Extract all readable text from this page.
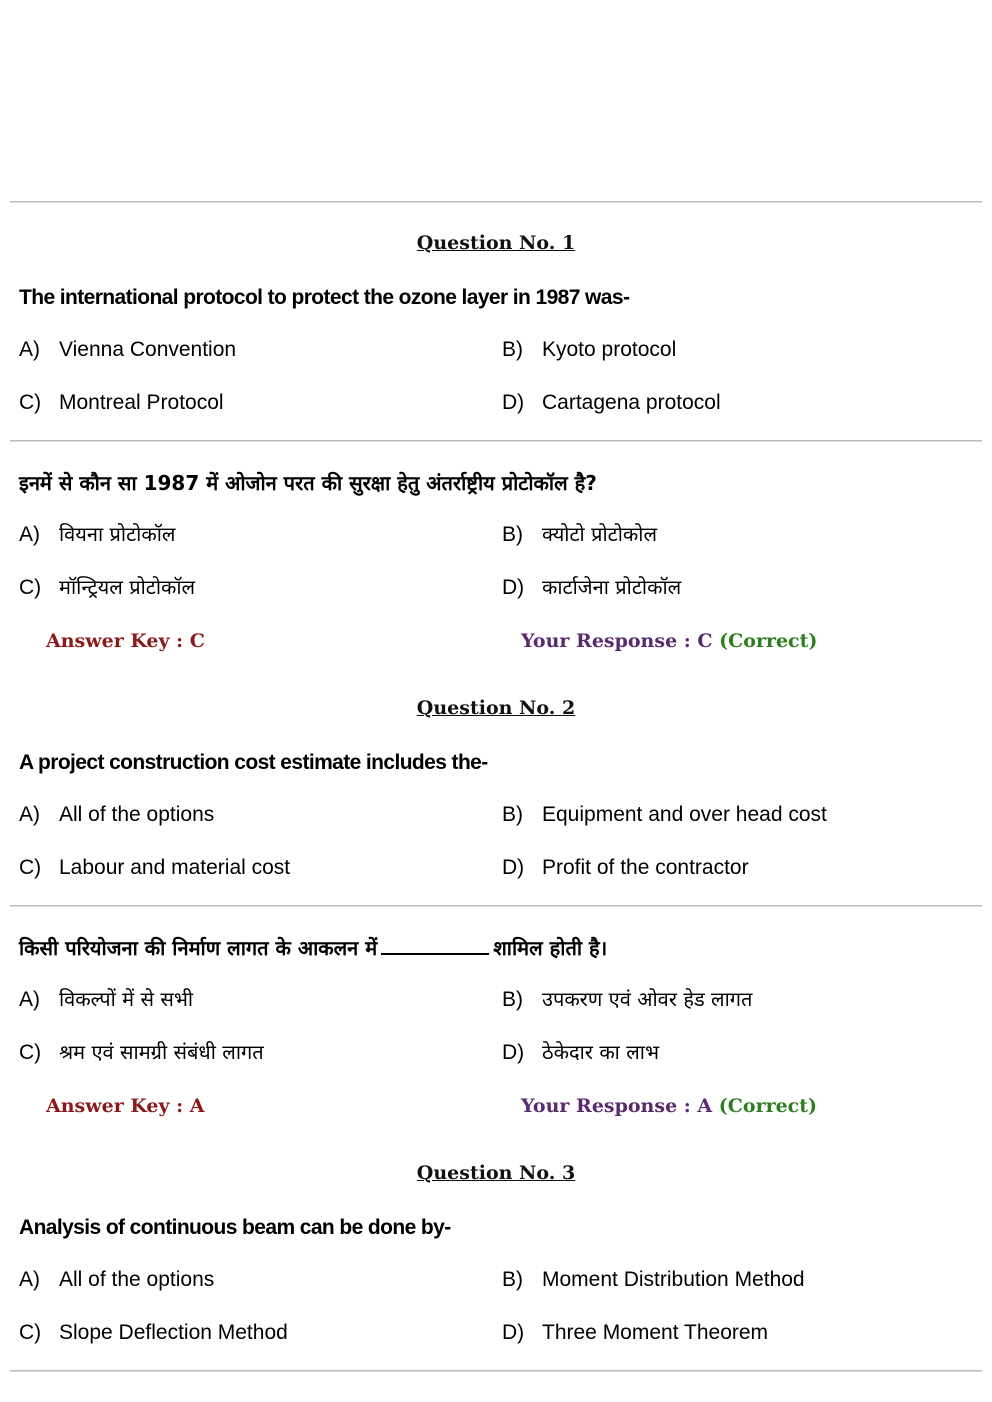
Question No. 1
The international protocol to protect the ozone layer in 1987 was-
A) Vienna Convention	B) Kyoto protocol
C) Montreal Protocol	D) Cartagena protocol
इनमें से कौन सा 1987 में ओजोन परत की सुरक्षा हेतु अंतर्राष्ट्रीय प्रोटोकॉल है?
A) वियना प्रोटोकॉल	B) क्योटो प्रोटोकोल
C) मॉन्ट्रियल प्रोटोकॉल	D) कार्टाजेना प्रोटोकॉल
Answer Key : C	Your Response : C (Correct)
Question No. 2
A project construction cost estimate includes the-
A) All of the options	B) Equipment and over head cost
C) Labour and material cost	D) Profit of the contractor
किसी परियोजना की निर्माण लागत के आकलन में	शामिल होती है।
A) विकल्पों में से सभी	B) उपकरण एवं ओवर हेड लागत
C) श्रम एवं सामग्री संबंधी लागत	D) ठेकेदार का लाभ
Answer Key : A	Your Response : A (Correct)
Question No. 3
Analysis of continuous beam can be done by-
A) All of the options	B) Moment Distribution Method
C) Slope Deflection Method	D) Three Moment Theorem
